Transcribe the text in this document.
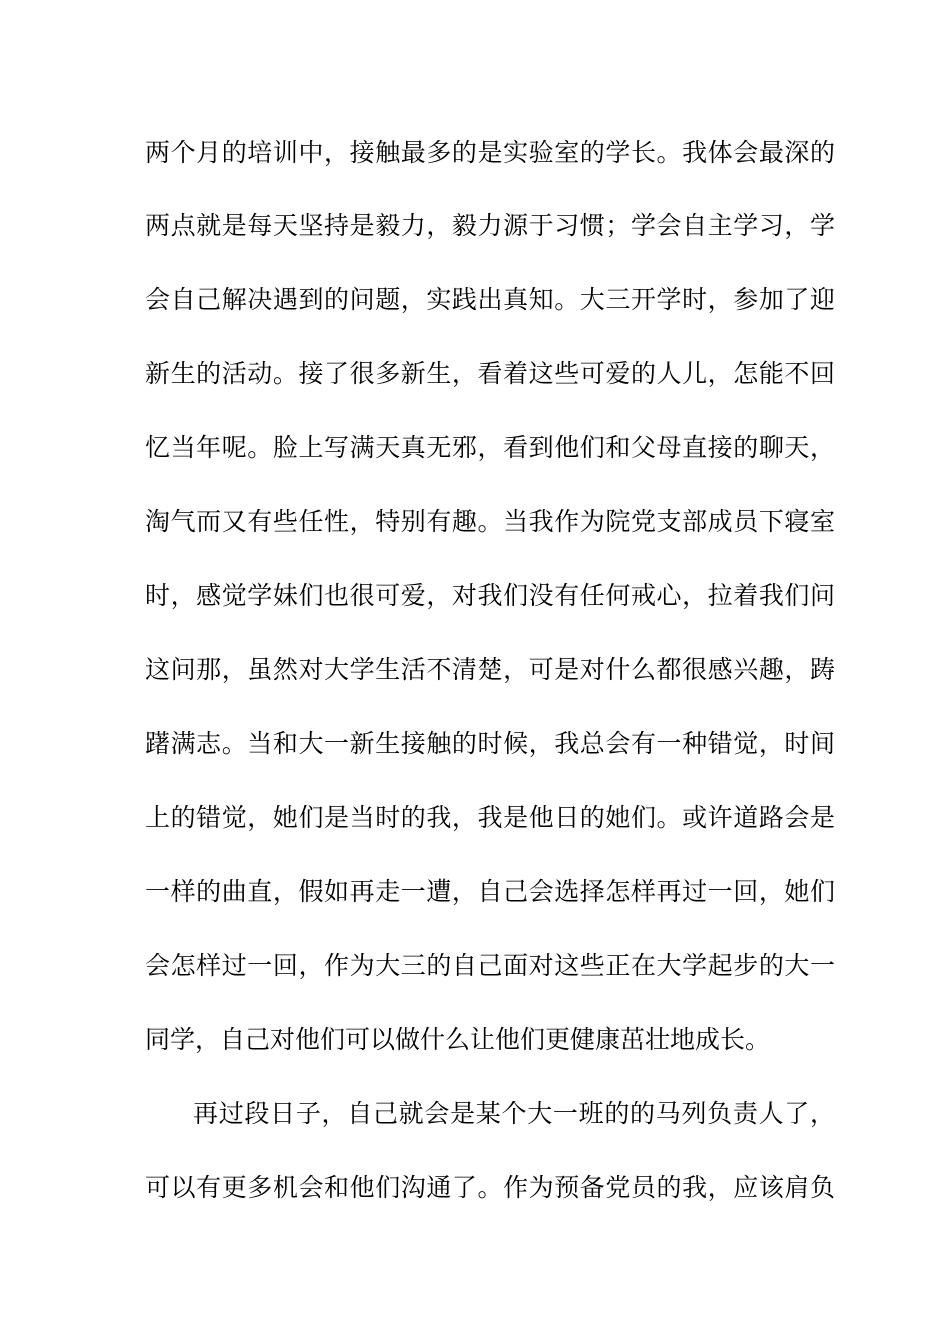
两个月的培训中，接触最多的是实验室的学长。我体会最深的
两点就是每天坚持是毅力，毅力源于习惯；学会自主学习，学
会自己解决遇到的问题，实践出真知。大三开学时，参加了迎
新生的活动。接了很多新生，看着这些可爱的人儿，怎能不回
忆当年呢。脸上写满天真无邪，看到他们和父母直接的聊天，
淘气而又有些任性，特别有趣。当我作为院党支部成员下寝室
时，感觉学妹们也很可爱，对我们没有任何戒心，拉着我们问
这问那，虽然对大学生活不清楚，可是对什么都很感兴趣，踌
躇满志。当和大一新生接触的时候，我总会有一种错觉，时间
上的错觉，她们是当时的我，我是他日的她们。或许道路会是
一样的曲直，假如再走一遭，自己会选择怎样再过一回，她们
会怎样过一回，作为大三的自己面对这些正在大学起步的大一
同学，自己对他们可以做什么让他们更健康茁壮地成长。
再过段日子，自己就会是某个大一班的的马列负责人了，
可以有更多机会和他们沟通了。作为预备党员的我，应该肩负
